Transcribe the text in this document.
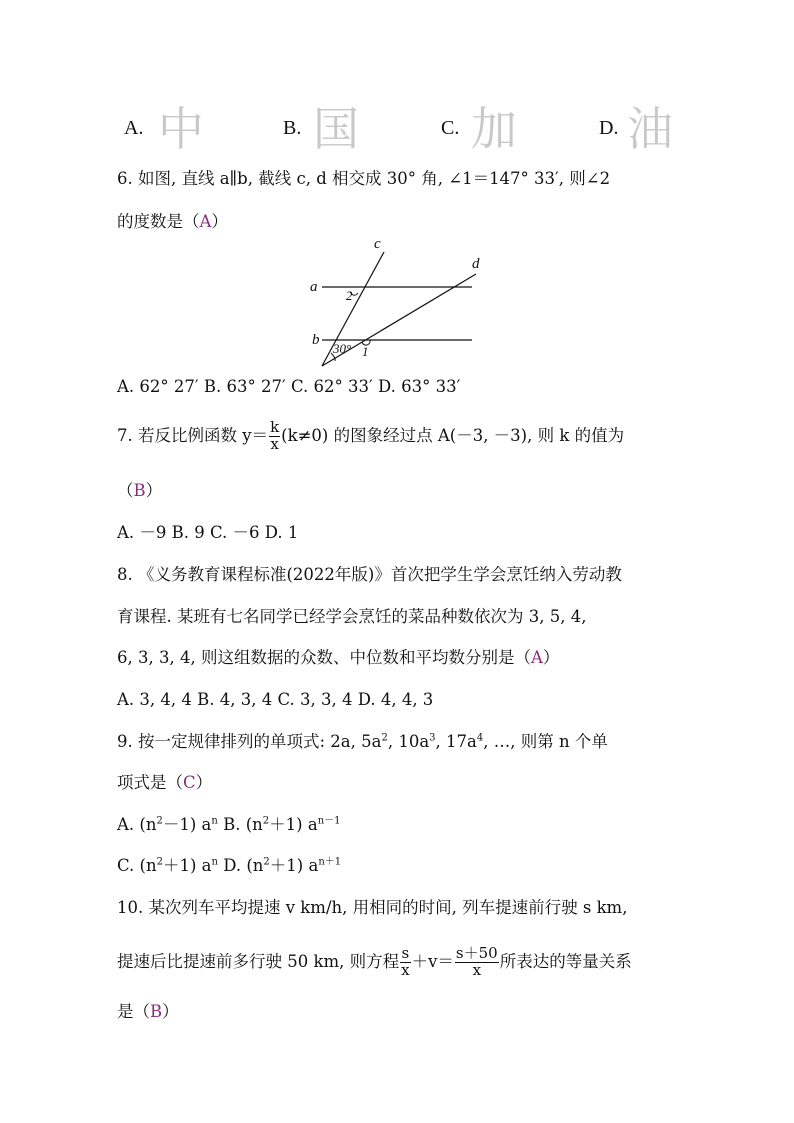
A. 中	B. 国	C. 加	D. 油
6. 如图, 直线 a∥b, 截线 c, d 相交成 30° 角, ∠1＝147° 33′, 则∠2
的度数是（A）
c
d
a
b
2
30° 1
A. 62° 27′ B. 63° 27′ C. 62° 33′ D. 63° 33′
7. 若反比例函数 $y= \frac{k}{x} (k\ne 0)$ 的图象经过点 A(－3, －3), 则 k 的值为
（B）
A. －9 B. 9 C. －6 D. 1
8. 《义务教育课程标准(2022年版)》首次把学生学会烹饪纳入劳动教
育课程. 某班有七名同学已经学会烹饪的菜品种数依次为 3, 5, 4,
6, 3, 3, 4, 则这组数据的众数、中位数和平均数分别是（A）
A. 3, 4, 4 B. 4, 3, 4 C. 3, 3, 4 D. 4, 4, 3
9. 按一定规律排列的单项式: 2a, $5a^2$, $10a^3$, $17a^4$, …, 则第 n 个单
项式是（C）
A. $(n^2-1)$ $a^n$ B. $(n^2+1)$ $a^{n-1}$
C. $(n^2+1)$ $a^n$ D. $(n^2+1)$ $a^{n+1}$
10. 某次列车平均提速 v km/h, 用相同的时间, 列车提速前行驶 s km,
提速后比提速前多行驶 50 km, 则方程 $\frac{s}{x} +v= \frac{s+50}{x}$ 所表达的等量关系
是（B）
